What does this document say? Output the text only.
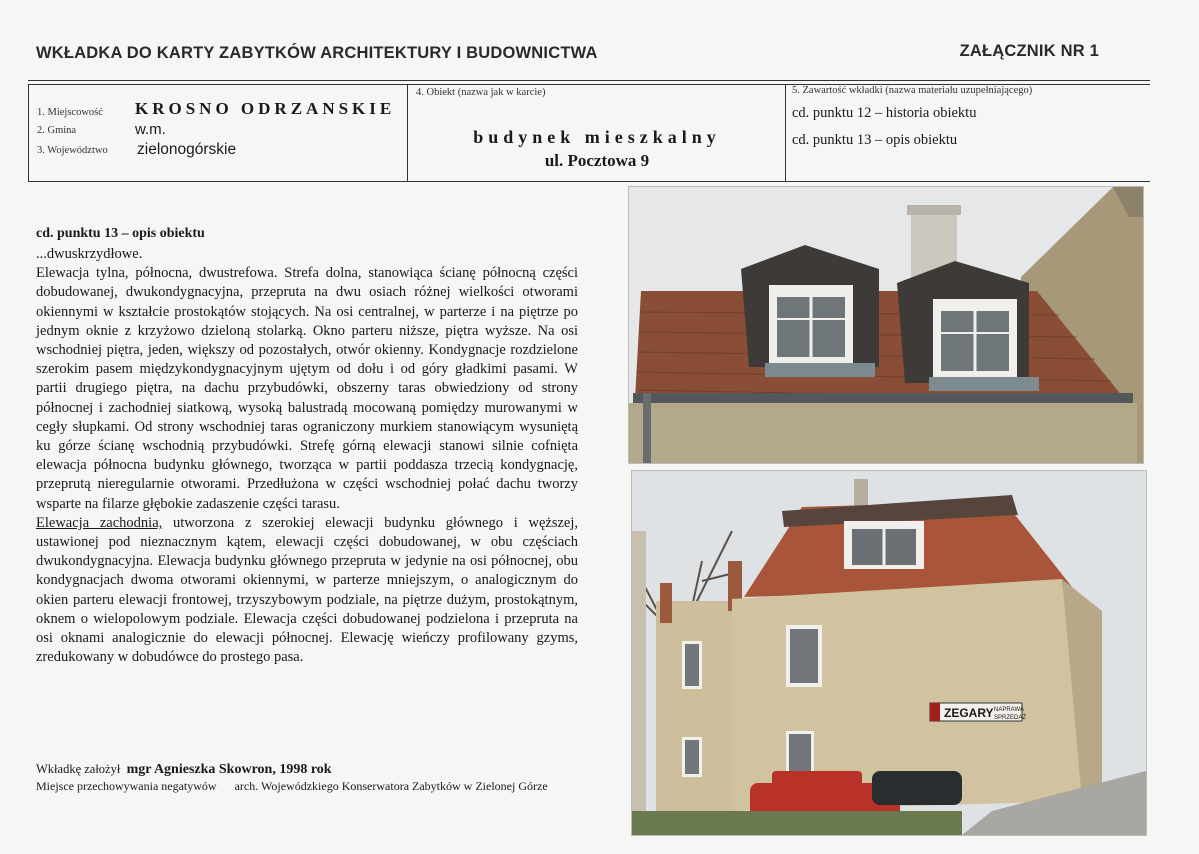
WKŁADKA DO KARTY ZABYTKÓW ARCHITEKTURY I BUDOWNICTWA	ZAŁĄCZNIK NR 1
1. Miejscowość
2. Gmina
3. Województwo
KROSNO ODRZANSKIE
w.m.
zielonogórskie
4. Obiekt (nazwa jak w karcie)
budynek mieszkalny
ul. Pocztowa 9
5. Zawartość wkładki (nazwa materiału uzupełniającego)
cd. punktu 12 – historia obiektu
cd. punktu 13 – opis obiektu
cd. punktu 13 – opis obiektu

...dwuskrzydłowe.

Elewacja tylna, północna, dwustrefowa. Strefa dolna, stanowiąca ścianę północną części dobudowanej, dwukondygnacyjna, przepruta na dwu osiach różnej wielkości otworami okiennymi w kształcie prostokątów stojących. Na osi centralnej, w parterze i na piętrze po jednym oknie z krzyżowo dzieloną stolarką. Okno parteru niższe, piętra wyższe. Na osi wschodniej piętra, jeden, większy od pozostałych, otwór okienny. Kondygnacje rozdzielone szerokim pasem międzykondygnacyjnym ujętym od dołu i od góry gładkimi pasami. W partii drugiego piętra, na dachu przybudówki, obszerny taras obwiedziony od strony północnej i zachodniej siatkową, wysoką balustradą mocowaną pomiędzy murowanymi w cegły słupkami. Od strony wschodniej taras ograniczony murkiem stanowiącym wysuniętą ku górze ścianę wschodnią przybudówki. Strefę górną elewacji stanowi silnie cofnięta elewacja północna budynku głównego, tworząca w partii poddasza trzecią kondygnację, przeprutą nieregularnie otworami. Przedłużona w części wschodniej połać dachu tworzy wsparte na filarze głębokie zadaszenie części tarasu.

Elewacja zachodnia, utworzona z szerokiej elewacji budynku głównego i węższej, ustawionej pod nieznacznym kątem, elewacji części dobudowanej, w obu częściach dwukondygnacyjna. Elewacja budynku głównego przepruta w jedynie na osi północnej, obu kondygnacjach dwoma otworami okiennymi, w parterze mniejszym, o analogicznym do okien parteru elewacji frontowej, trzyszybowym podziale, na piętrze dużym, prostokątnym, oknem o wielopolowym podziale. Elewacja części dobudowanej podzielona i przepruta na osi oknami analogicznie do elewacji północnej. Elewację wieńczy profilowany gzyms, zredukowany w dobudówce do prostego pasa.

Wkładkę założył mgr Agnieszka Skowron, 1998 rok
Miejsce przechowywania negatywów arch. Wojewódzkiego Konserwatora Zabytków w Zielonej Górze
ZEGARY NAPRAWA
SPRZEDAŻ
